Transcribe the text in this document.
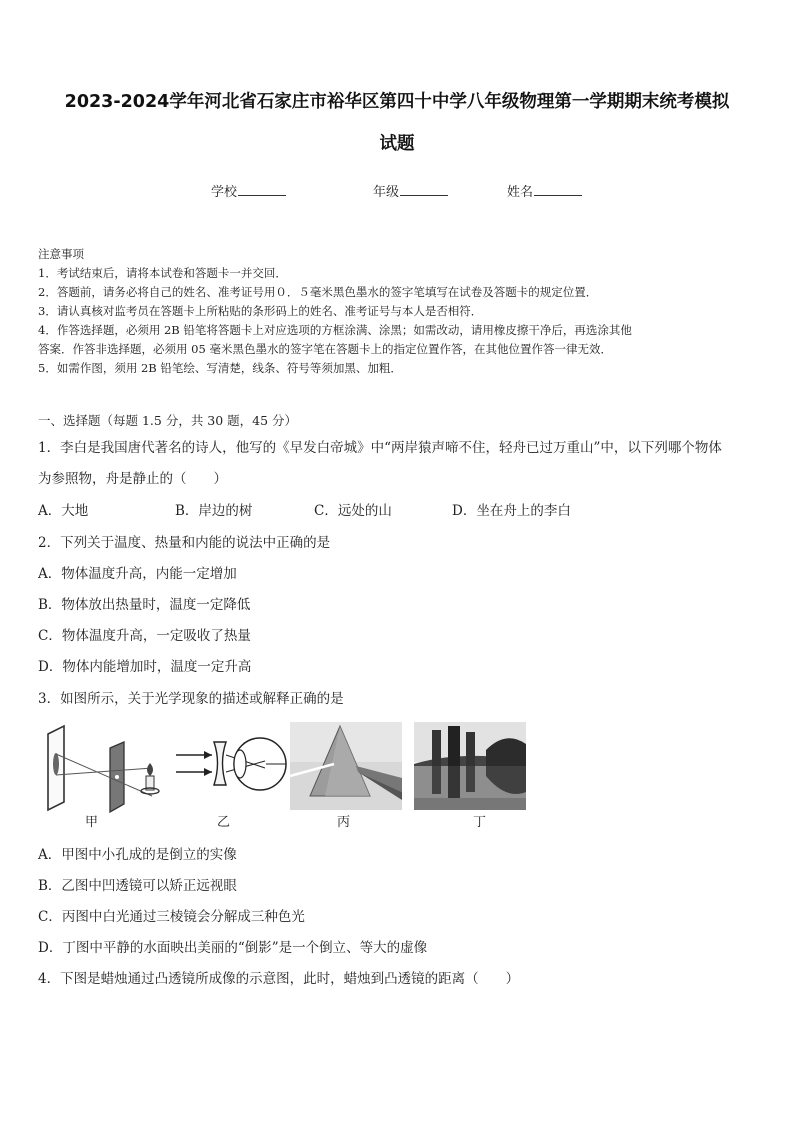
2023-2024学年河北省石家庄市裕华区第四十中学八年级物理第一学期期末统考模拟
试题
学校	年级	姓名
注意事项
1．考试结束后，请将本试卷和答题卡一并交回．
2．答题前，请务必将自己的姓名、准考证号用０．５毫米黑色墨水的签字笔填写在试卷及答题卡的规定位置．
3．请认真核对监考员在答题卡上所粘贴的条形码上的姓名、准考证号与本人是否相符．
4．作答选择题，必须用 2B 铅笔将答题卡上对应选项的方框涂满、涂黑；如需改动，请用橡皮擦干净后，再选涂其他
答案．作答非选择题，必须用 05 毫米黑色墨水的签字笔在答题卡上的指定位置作答，在其他位置作答一律无效．
5．如需作图，须用 2B 铅笔绘、写清楚，线条、符号等须加黑、加粗．
一、选择题（每题 1.5 分，共 30 题，45 分）
1．李白是我国唐代著名的诗人，他写的《早发白帝城》中“两岸猿声啼不住，轻舟已过万重山”中，以下列哪个物体
为参照物，舟是静止的（　　）
A．大地	B．岸边的树	C．远处的山	D．坐在舟上的李白
2．下列关于温度、热量和内能的说法中正确的是
A．物体温度升高，内能一定增加
B．物体放出热量时，温度一定降低
C．物体温度升高，一定吸收了热量
D．物体内能增加时，温度一定升高
3．如图所示，关于光学现象的描述或解释正确的是
甲	乙	丙	丁
A．甲图中小孔成的是倒立的实像
B．乙图中凹透镜可以矫正远视眼
C．丙图中白光通过三棱镜会分解成三种色光
D．丁图中平静的水面映出美丽的“倒影”是一个倒立、等大的虚像
4．下图是蜡烛通过凸透镜所成像的示意图，此时，蜡烛到凸透镜的距离（　　）
